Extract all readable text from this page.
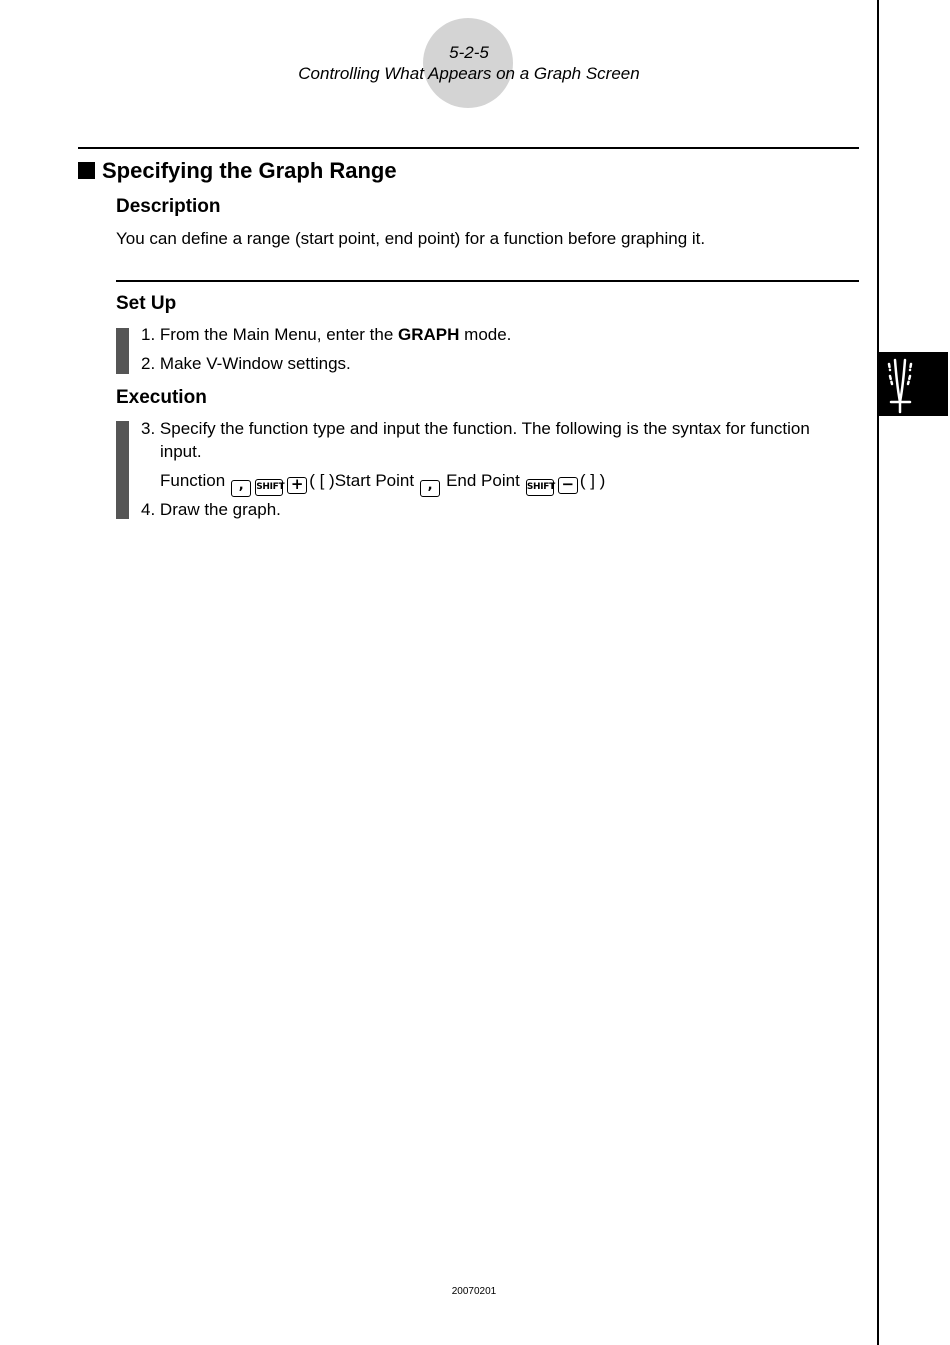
5-2-5
Controlling What Appears on a Graph Screen
Specifying the Graph Range
Description
You can define a range (start point, end point) for a function before graphing it.
Set Up
1. From the Main Menu, enter the GRAPH mode.
2. Make V-Window settings.
Execution
3. Specify the function type and input the function. The following is the syntax for function
input.
Function , SHIFT + ( [ )Start Point , End Point SHIFT − ( ] )
4. Draw the graph.
20070201
